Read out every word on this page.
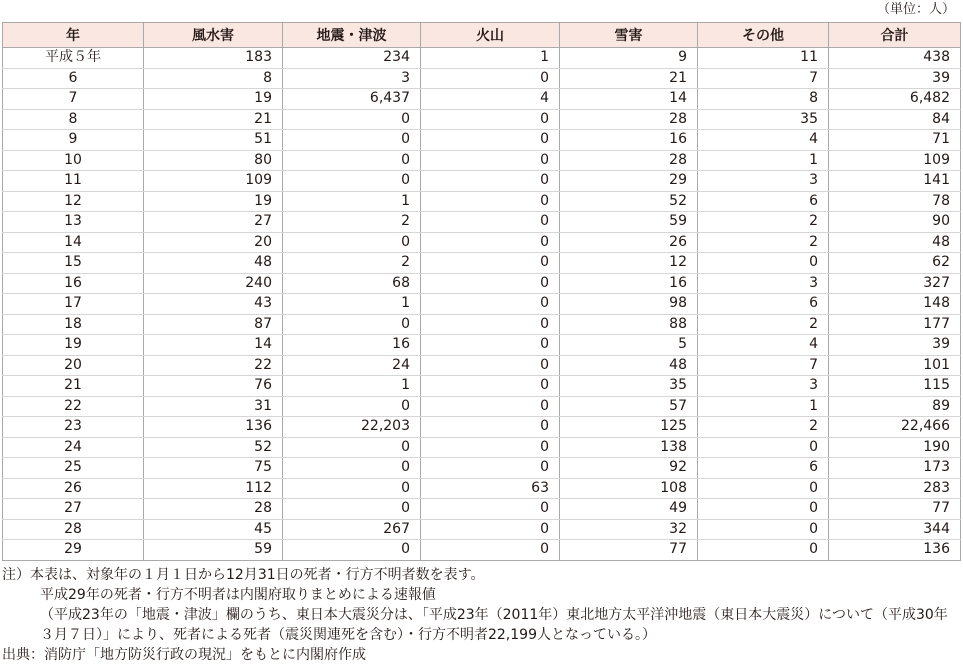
（単位：人）
年	風水害	地震・津波	火山	雪害	その他	合計
平成５年	183	234	1	9	11	438
6	8	3	0	21	7	39
7	19	6,437	4	14	8	6,482
8	21	0	0	28	35	84
9	51	0	0	16	4	71
10	80	0	0	28	1	109
11	109	0	0	29	3	141
12	19	1	0	52	6	78
13	27	2	0	59	2	90
14	20	0	0	26	2	48
15	48	2	0	12	0	62
16	240	68	0	16	3	327
17	43	1	0	98	6	148
18	87	0	0	88	2	177
19	14	16	0	5	4	39
20	22	24	0	48	7	101
21	76	1	0	35	3	115
22	31	0	0	57	1	89
23	136	22,203	0	125	2	22,466
24	52	0	0	138	0	190
25	75	0	0	92	6	173
26	112	0	63	108	0	283
27	28	0	0	49	0	77
28	45	267	0	32	0	344
29	59	0	0	77	0	136

注）本表は、対象年の１月１日から12月31日の死者・行方不明者数を表す。

平成29年の死者・行方不明者は内閣府取りまとめによる速報値

（平成23年の「地震・津波」欄のうち、東日本大震災分は、「平成23年（2011年）東北地方太平洋沖地震（東日本大震災）について（平成30年３月７日）」により、死者による死者（震災関連死を含む）・行方不明者22,199人となっている。）

出典：消防庁「地方防災行政の現況」をもとに内閣府作成
